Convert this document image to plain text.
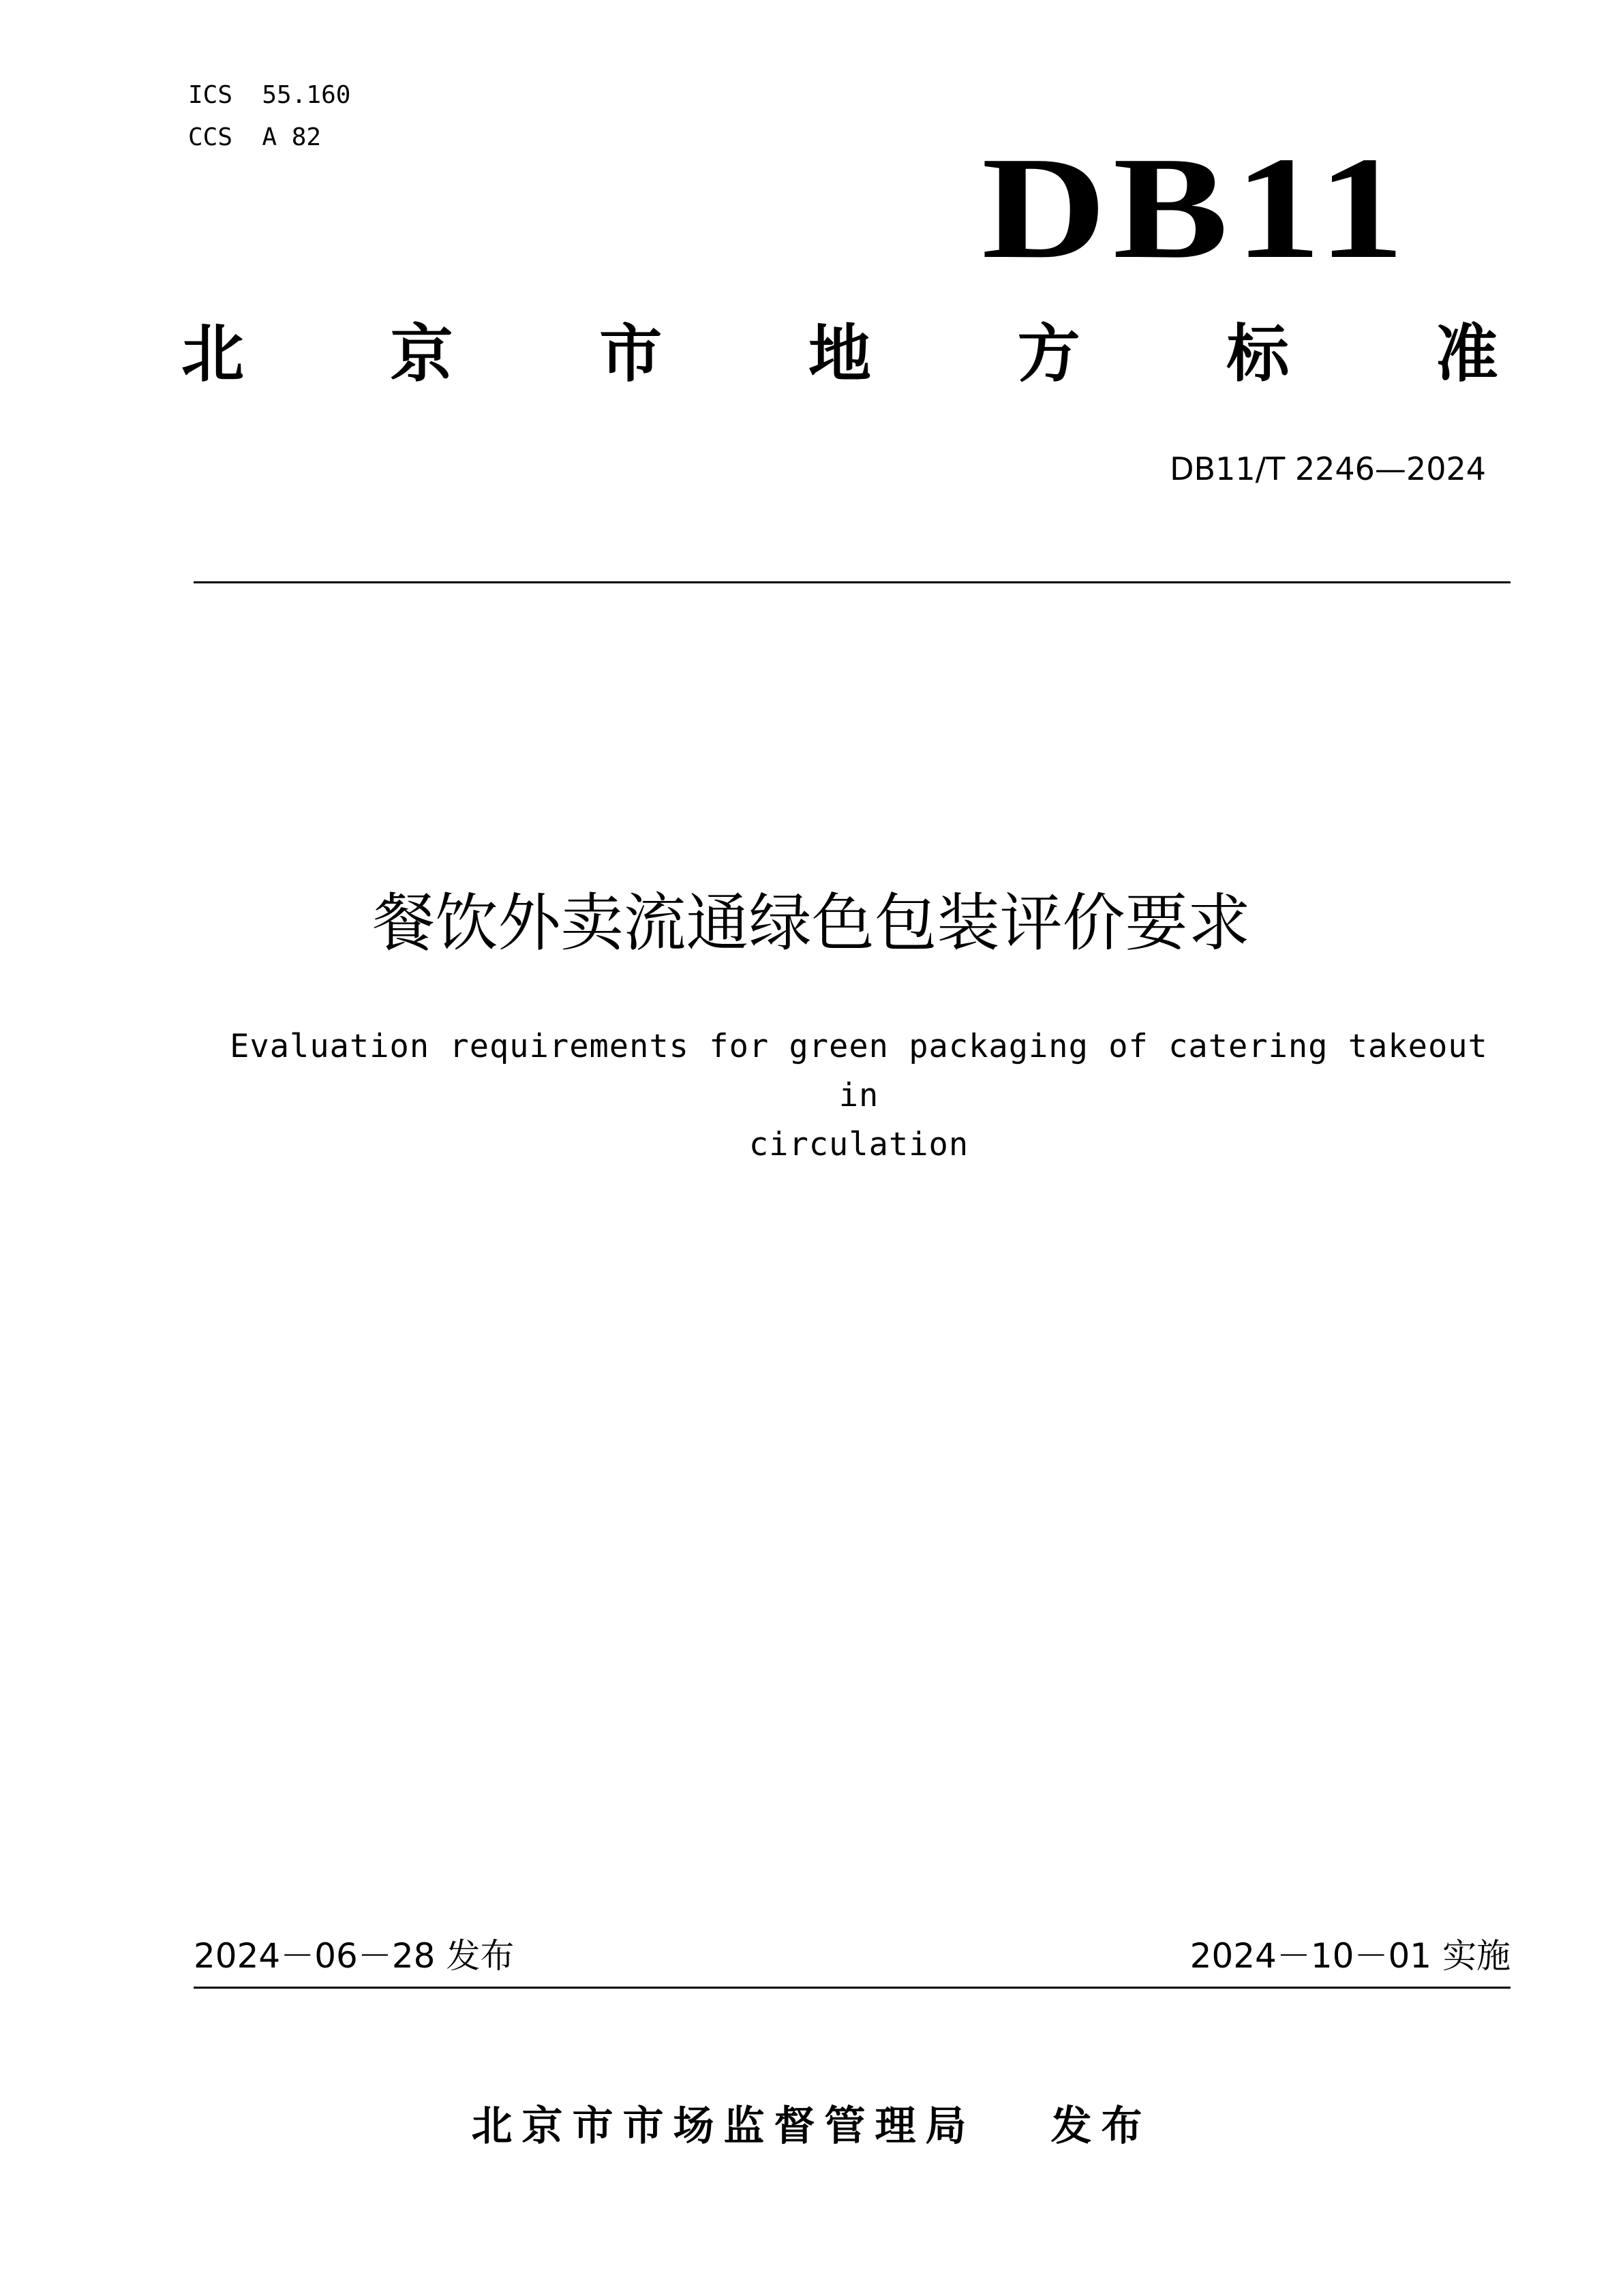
ICS  55.160
CCS  A 82	DB11
北 京 市 地 方 标 准
DB11/T 2246—2024
餐饮外卖流通绿色包装评价要求
Evaluation requirements for green packaging of catering takeout in
circulation
2024－06－28 发布	2024－10－01 实施
北京市市场监督管理局 发布
